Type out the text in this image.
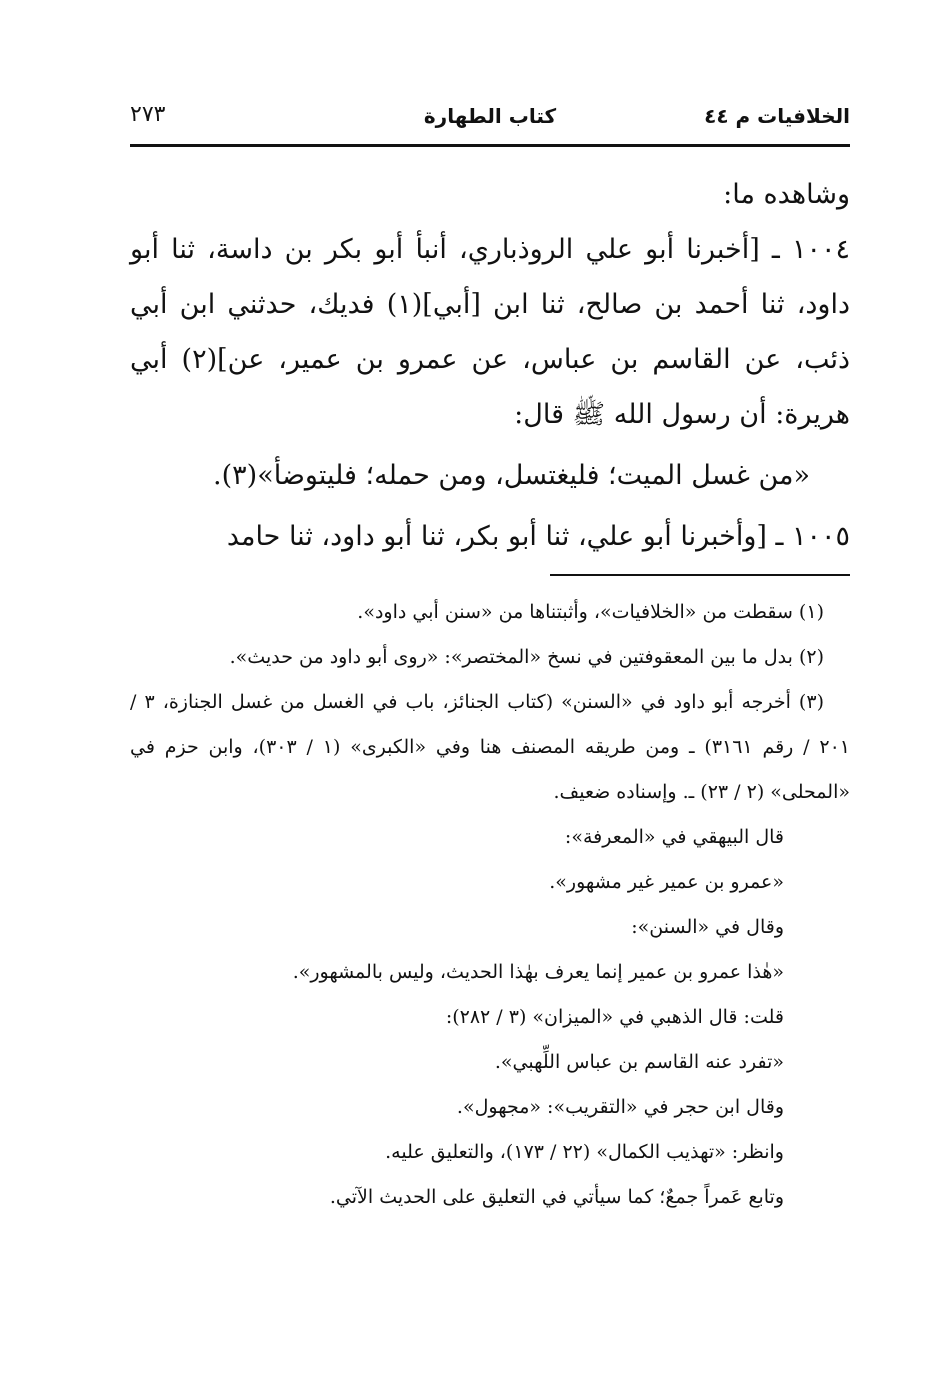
الخلافيات م ٤٤
كتاب الطهارة
٢٧٣

وشاهده ما:

١٠٠٤ ـ [أخبرنا أبو علي الروذباري، أنبأ أبو بكر بن داسة، ثنا أبو داود، ثنا أحمد بن صالح، ثنا ابن [أبي](١) فديك، حدثني ابن أبي ذئب، عن القاسم بن عباس، عن عمرو بن عمير، عن](٢) أبي هريرة: أن رسول الله ﷺ قال:

«من غسل الميت؛ فليغتسل، ومن حمله؛ فليتوضأ»(٣).

١٠٠٥ ـ [وأخبرنا أبو علي، ثنا أبو بكر، ثنا أبو داود، ثنا حامد

(١) سقطت من «الخلافيات»، وأثبتناها من «سنن أبي داود».

(٢) بدل ما بين المعقوفتين في نسخ «المختصر»: «روى أبو داود من حديث».

(٣) أخرجه أبو داود في «السنن» (كتاب الجنائز، باب في الغسل من غسل الجنازة، ٣ / ٢٠١ / رقم ٣١٦١) ـ ومن طريقه المصنف هنا وفي «الكبرى» (١ / ٣٠٣)، وابن حزم في «المحلى» (٢ / ٢٣) ـ. وإسناده ضعيف.

قال البيهقي في «المعرفة»:

«عمرو بن عمير غير مشهور».

وقال في «السنن»:

«هٰذا عمرو بن عمير إنما يعرف بهٰذا الحديث، وليس بالمشهور».

قلت: قال الذهبي في «الميزان» (٣ / ٢٨٢):

«تفرد عنه القاسم بن عباس اللِّهبي».

وقال ابن حجر في «التقريب»: «مجهول».

وانظر: «تهذيب الكمال» (٢٢ / ١٧٣)، والتعليق عليه.

وتابع عَمراً جمعٌ؛ كما سيأتي في التعليق على الحديث الآتي.
